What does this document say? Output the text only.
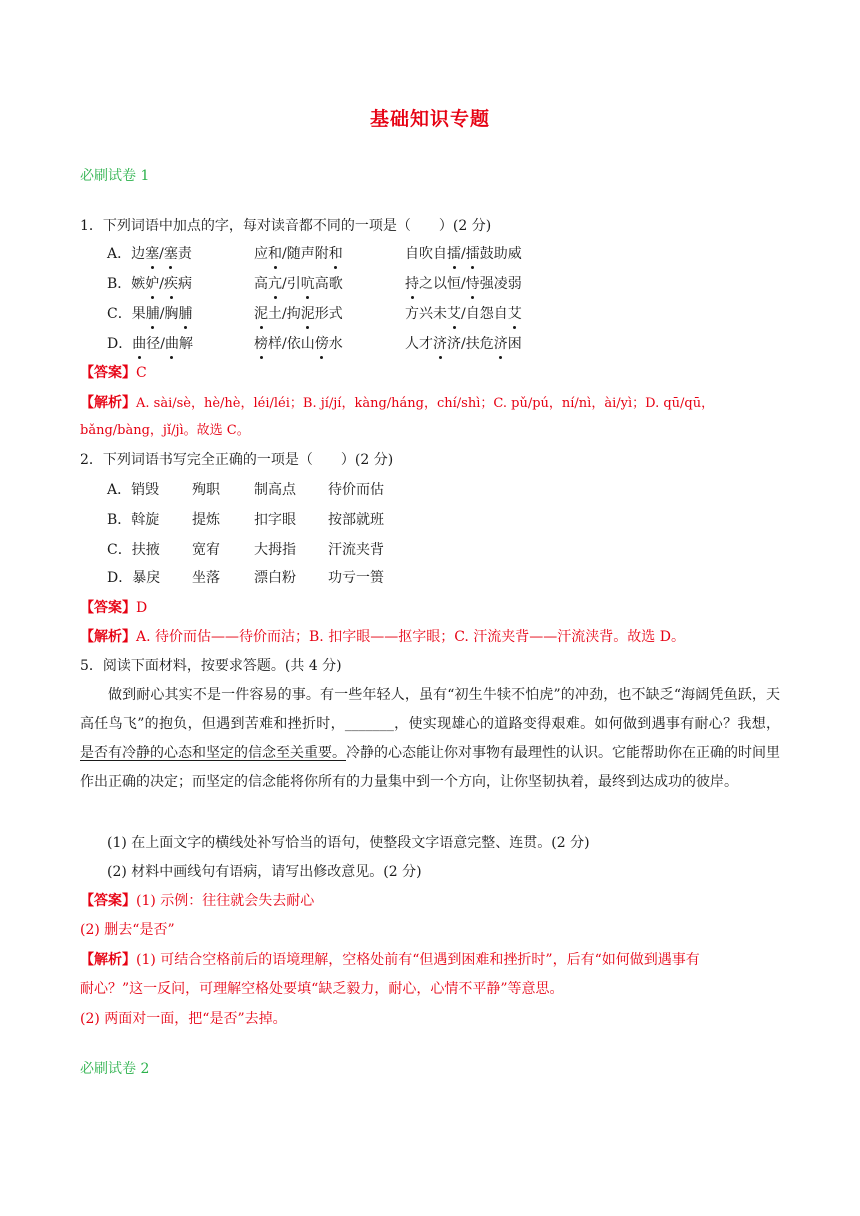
基础知识专题
必刷试卷 1
1．下列词语中加点的字，每对读音都不同的一项是（　　）(2 分)
A．边塞/塞责	应和/随声附和	自吹自擂/擂鼓助威
B．嫉妒/疾病	高亢/引吭高歌	持之以恒/恃强凌弱
C．果脯/胸脯	泥土/拘泥形式	方兴未艾/自怨自艾
D．曲径/曲解	榜样/依山傍水	人才济济/扶危济困
【答案】C
【解析】A. sài/sè，hè/hè，léi/léi；B. jí/jí，kàng/háng，chí/shì；C. pǔ/pú，ní/nì，ài/yì；D. qū/qū，
bǎng/bàng，jǐ/jì。故选 C。
2．下列词语书写完全正确的一项是（　　）(2 分)
A．销毁 殉职 制高点 待价而估
B．斡旋 提炼 扣字眼 按部就班
C．扶掖 宽宥 大拇指 汗流夹背
D．暴戾 坐落 漂白粉 功亏一篑
【答案】D
【解析】A. 待价而估——待价而沽；B. 扣字眼——抠字眼；C. 汗流夹背——汗流浃背。故选 D。
5．阅读下面材料，按要求答题。(共 4 分)
做到耐心其实不是一件容易的事。有一些年轻人，虽有“初生牛犊不怕虎”的冲劲，也不缺乏“海阔凭鱼跃，天高任鸟飞”的抱负，但遇到苦难和挫折时，_______，使实现雄心的道路变得艰难。如何做到遇事有耐心？我想，是否有冷静的心态和坚定的信念至关重要。冷静的心态能让你对事物有最理性的认识。它能帮助你在正确的时间里作出正确的决定；而坚定的信念能将你所有的力量集中到一个方向，让你坚韧执着，最终到达成功的彼岸。
(1) 在上面文字的横线处补写恰当的语句，使整段文字语意完整、连贯。(2 分)
(2) 材料中画线句有语病，请写出修改意见。(2 分)
【答案】(1) 示例：往往就会失去耐心
(2) 删去“是否”
【解析】(1) 可结合空格前后的语境理解，空格处前有“但遇到困难和挫折时”，后有“如何做到遇事有
耐心？”这一反问，可理解空格处要填“缺乏毅力，耐心，心情不平静”等意思。
(2) 两面对一面，把“是否”去掉。
必刷试卷 2
